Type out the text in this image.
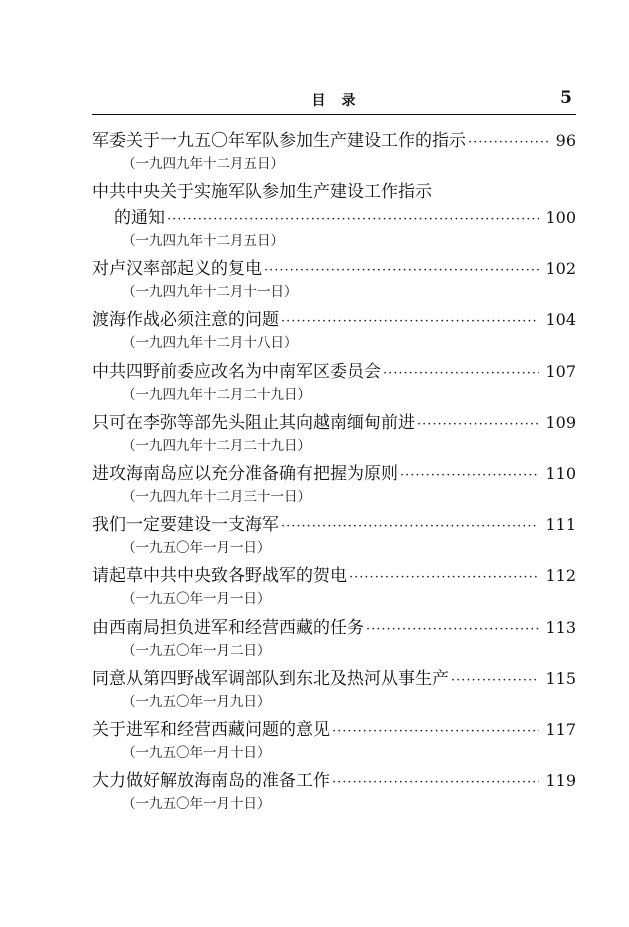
目　录	5
军委关于一九五〇年军队参加生产建设工作的指示 ·····	96
（一九四九年十二月五日）
中共中央关于实施军队参加生产建设工作指示
的通知 ·····	100
（一九四九年十二月五日）
对卢汉率部起义的复电 ·····	102
（一九四九年十二月十一日）
渡海作战必须注意的问题 ·····	104
（一九四九年十二月十八日）
中共四野前委应改名为中南军区委员会 ·····	107
（一九四九年十二月二十九日）
只可在李弥等部先头阻止其向越南缅甸前进 ·····	109
（一九四九年十二月二十九日）
进攻海南岛应以充分准备确有把握为原则 ·····	110
（一九四九年十二月三十一日）
我们一定要建设一支海军 ·····	111
（一九五〇年一月一日）
请起草中共中央致各野战军的贺电 ·····	112
（一九五〇年一月一日）
由西南局担负进军和经营西藏的任务 ·····	113
（一九五〇年一月二日）
同意从第四野战军调部队到东北及热河从事生产 ·····	115
（一九五〇年一月九日）
关于进军和经营西藏问题的意见 ·····	117
（一九五〇年一月十日）
大力做好解放海南岛的准备工作 ·····	119
（一九五〇年一月十日）
